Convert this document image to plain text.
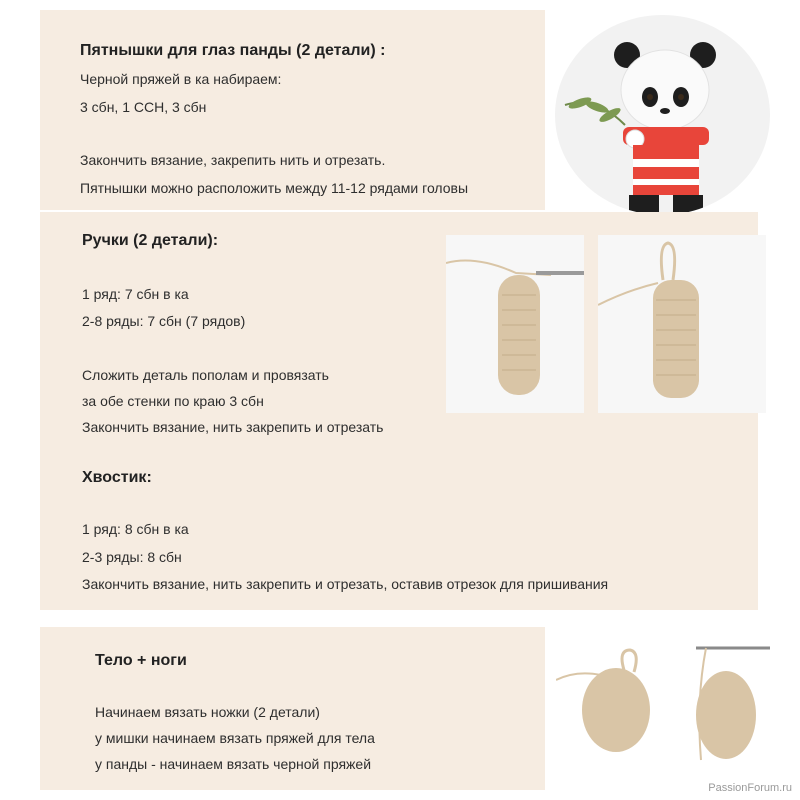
Пятнышки для глаз панды (2 детали) :
Черной пряжей в ка набираем:
3 сбн, 1 ССН, 3 сбн
Закончить вязание, закрепить нить и отрезать.
Пятнышки можно расположить между 11-12 рядами головы
Ручки (2 детали):
1 ряд: 7 сбн в ка
2-8 ряды: 7 сбн (7 рядов)
Сложить деталь пополам и провязать
за обе стенки по краю 3 сбн
Закончить вязание, нить закрепить и отрезать
Хвостик:
1 ряд: 8 сбн в ка
2-3 ряды: 8 сбн
Закончить вязание, нить закрепить и отрезать, оставив отрезок для пришивания
Тело + ноги
Начинаем вязать ножки (2 детали)
у мишки начинаем вязать пряжей для тела
у панды - начинаем вязать черной пряжей
PassionForum.ru
